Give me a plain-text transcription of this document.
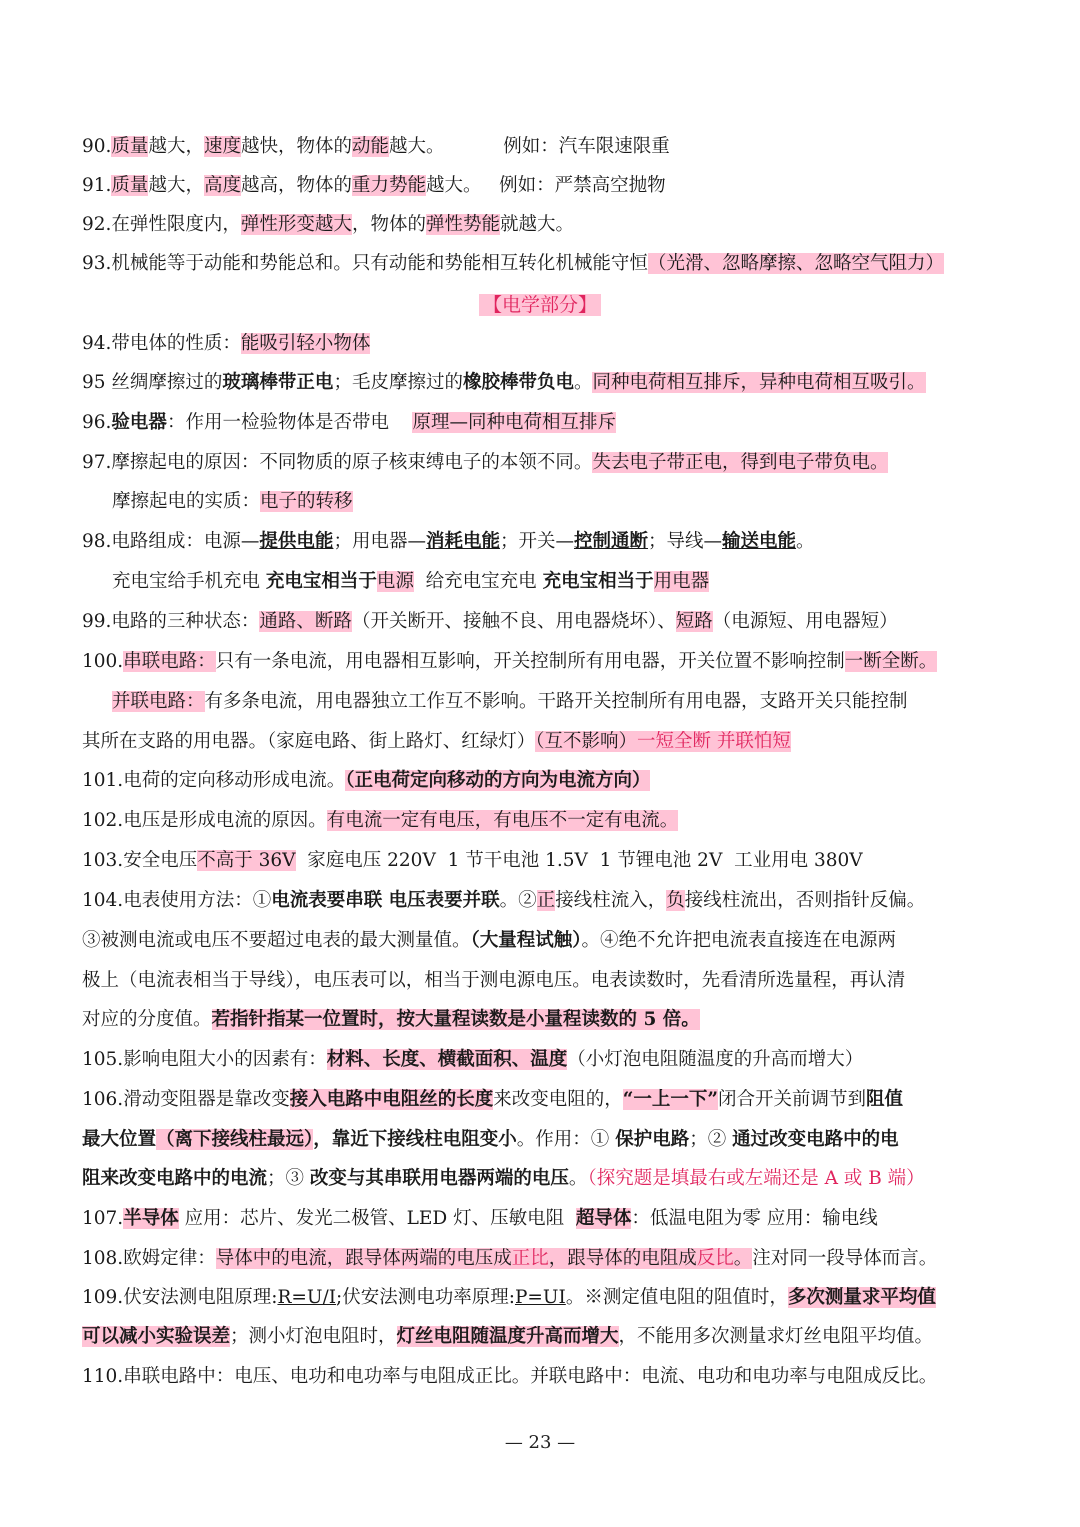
90.质量越大，速度越快，物体的动能越大。          例如：汽车限速限重
91.质量越大，高度越高，物体的重力势能越大。   例如：严禁高空抛物
92.在弹性限度内，弹性形变越大，物体的弹性势能就越大。
93.机械能等于动能和势能总和。只有动能和势能相互转化机械能守恒（光滑、忽略摩擦、忽略空气阻力）
94.带电体的性质：能吸引轻小物体
95 丝绸摩擦过的玻璃棒带正电；毛皮摩擦过的橡胶棒带负电。同种电荷相互排斥，异种电荷相互吸引。
96.验电器：作用一检验物体是否带电    原理—同种电荷相互排斥
97.摩擦起电的原因：不同物质的原子核束缚电子的本领不同。失去电子带正电，得到电子带负电。
摩擦起电的实质：电子的转移
98.电路组成：电源—提供电能；用电器—消耗电能；开关—控制通断；导线—输送电能。
充电宝给手机充电 充电宝相当于电源  给充电宝充电 充电宝相当于用电器
99.电路的三种状态：通路、断路（开关断开、接触不良、用电器烧坏）、短路（电源短、用电器短）
100.串联电路：只有一条电流，用电器相互影响，开关控制所有用电器，开关位置不影响控制一断全断。
并联电路：有多条电流，用电器独立工作互不影响。干路开关控制所有用电器，支路开关只能控制
其所在支路的用电器。（家庭电路、街上路灯、红绿灯）（互不影响）一短全断 并联怕短
101.电荷的定向移动形成电流。（正电荷定向移动的方向为电流方向）
102.电压是形成电流的原因。有电流一定有电压，有电压不一定有电流。
103.安全电压不高于 36V  家庭电压 220V  1 节干电池 1.5V  1 节锂电池 2V  工业用电 380V
104.电表使用方法：①电流表要串联 电压表要并联。②正接线柱流入，负接线柱流出，否则指针反偏。
③被测电流或电压不要超过电表的最大测量值。（大量程试触）。④绝不允许把电流表直接连在电源两
极上（电流表相当于导线），电压表可以，相当于测电源电压。电表读数时，先看清所选量程，再认清
对应的分度值。若指针指某一位置时，按大量程读数是小量程读数的 5 倍。
105.影响电阻大小的因素有：材料、长度、横截面积、温度（小灯泡电阻随温度的升高而增大）
106.滑动变阻器是靠改变接入电路中电阻丝的长度来改变电阻的，“一上一下”闭合开关前调节到阻值
最大位置（离下接线柱最远），靠近下接线柱电阻变小。作用：① 保护电路；② 通过改变电路中的电
阻来改变电路中的电流；③ 改变与其串联用电器两端的电压。（探究题是填最右或左端还是 A 或 B 端）
107.半导体 应用：芯片、发光二极管、LED 灯、压敏电阻  超导体：低温电阻为零 应用：输电线
108.欧姆定律：导体中的电流，跟导体两端的电压成正比，跟导体的电阻成反比。注对同一段导体而言。
109.伏安法测电阻原理:R=U/I;伏安法测电功率原理:P=UI。※测定值电阻的阻值时，多次测量求平均值
可以减小实验误差；测小灯泡电阻时，灯丝电阻随温度升高而增大，不能用多次测量求灯丝电阻平均值。
110.串联电路中：电压、电功和电功率与电阻成正比。并联电路中：电流、电功和电功率与电阻成反比。
【电学部分】
— 23 —
